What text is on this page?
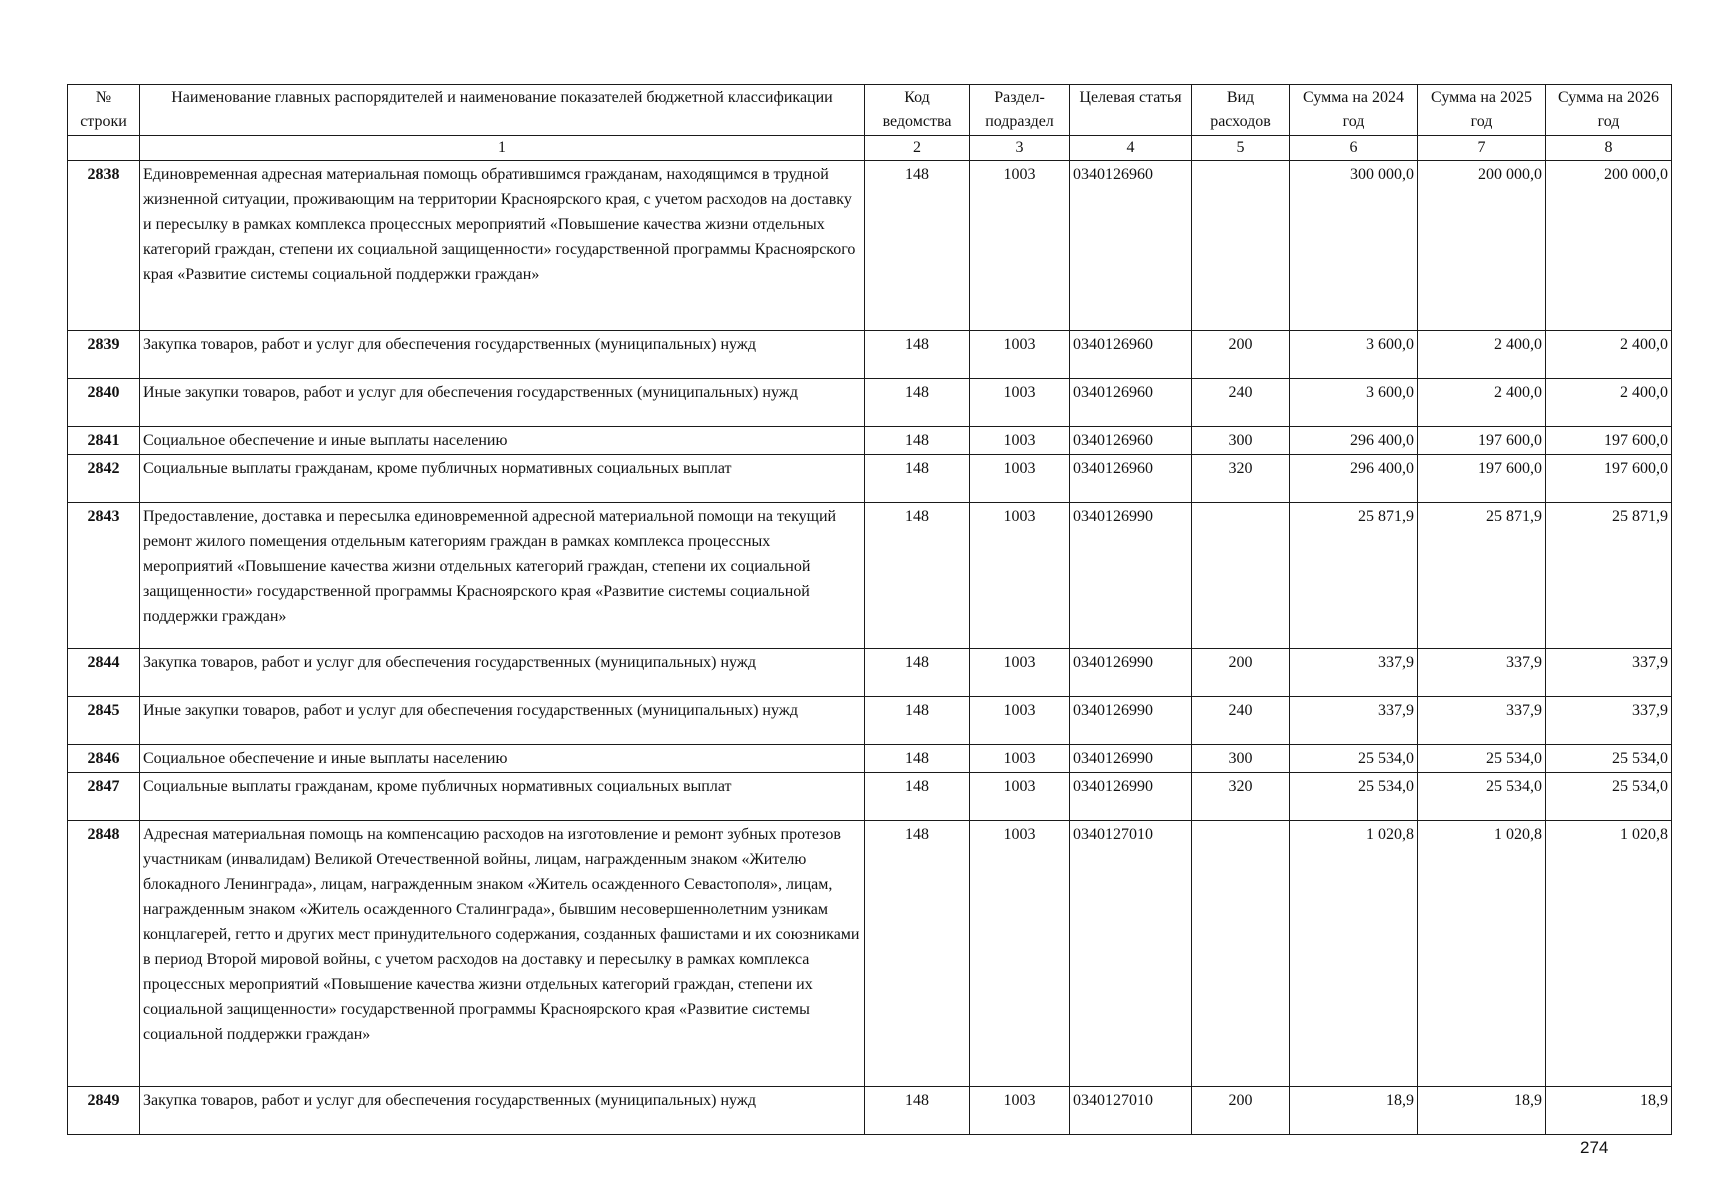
№ строки	Наименование главных распорядителей и наименование показателей бюджетной классификации	Код ведомства	Раздел-подраздел	Целевая статья	Вид расходов	Сумма на 2024 год	Сумма на 2025 год	Сумма на 2026 год
	1	2	3	4	5	6	7	8
2838	Единовременная адресная материальная помощь обратившимся гражданам, находящимся в трудной жизненной ситуации, проживающим на территории Красноярского края, с учетом расходов на доставку и пересылку в рамках комплекса процессных мероприятий «Повышение качества жизни отдельных категорий граждан, степени их социальной защищенности» государственной программы Красноярского края «Развитие системы социальной поддержки граждан»	148	1003	0340126960		300 000,0	200 000,0	200 000,0
2839	Закупка товаров, работ и услуг для обеспечения государственных (муниципальных) нужд	148	1003	0340126960	200	3 600,0	2 400,0	2 400,0
2840	Иные закупки товаров, работ и услуг для обеспечения государственных (муниципальных) нужд	148	1003	0340126960	240	3 600,0	2 400,0	2 400,0
2841	Социальное обеспечение и иные выплаты населению	148	1003	0340126960	300	296 400,0	197 600,0	197 600,0
2842	Социальные выплаты гражданам, кроме публичных нормативных социальных выплат	148	1003	0340126960	320	296 400,0	197 600,0	197 600,0
2843	Предоставление, доставка и пересылка единовременной адресной материальной помощи на текущий ремонт жилого помещения отдельным категориям граждан в рамках комплекса процессных мероприятий «Повышение качества жизни отдельных категорий граждан, степени их социальной защищенности» государственной программы Красноярского края «Развитие системы социальной поддержки граждан»	148	1003	0340126990		25 871,9	25 871,9	25 871,9
2844	Закупка товаров, работ и услуг для обеспечения государственных (муниципальных) нужд	148	1003	0340126990	200	337,9	337,9	337,9
2845	Иные закупки товаров, работ и услуг для обеспечения государственных (муниципальных) нужд	148	1003	0340126990	240	337,9	337,9	337,9
2846	Социальное обеспечение и иные выплаты населению	148	1003	0340126990	300	25 534,0	25 534,0	25 534,0
2847	Социальные выплаты гражданам, кроме публичных нормативных социальных выплат	148	1003	0340126990	320	25 534,0	25 534,0	25 534,0
2848	Адресная материальная помощь на компенсацию расходов на изготовление и ремонт зубных протезов участникам (инвалидам) Великой Отечественной войны, лицам, награжденным знаком «Жителю блокадного Ленинграда», лицам, награжденным знаком «Житель осажденного Севастополя», лицам, награжденным знаком «Житель осажденного Сталинграда», бывшим несовершеннолетним узникам концлагерей, гетто и других мест принудительного содержания, созданных фашистами и их союзниками в период Второй мировой войны, с учетом расходов на доставку и пересылку в рамках комплекса процессных мероприятий «Повышение качества жизни отдельных категорий граждан, степени их социальной защищенности» государственной программы Красноярского края «Развитие системы социальной поддержки граждан»	148	1003	0340127010		1 020,8	1 020,8	1 020,8
2849	Закупка товаров, работ и услуг для обеспечения государственных (муниципальных) нужд	148	1003	0340127010	200	18,9	18,9	18,9
274
